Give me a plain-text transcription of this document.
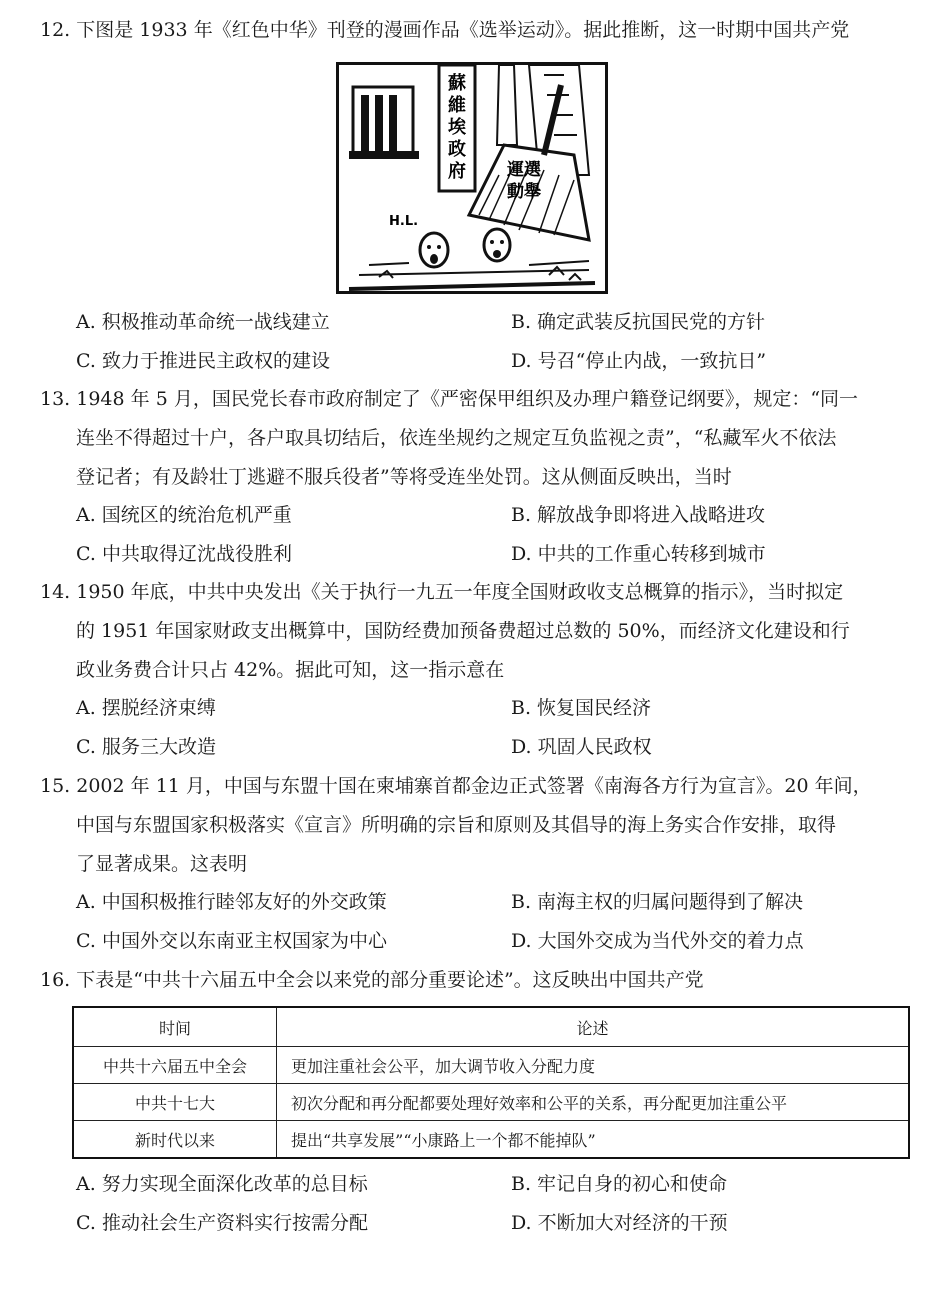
12. 下图是 1933 年《红色中华》刊登的漫画作品《选举运动》。据此推断，这一时期中国共产党
蘇
維
埃
政
府 運選
動舉
H.L.
A. 积极推动革命统一战线建立	B. 确定武装反抗国民党的方针
C. 致力于推进民主政权的建设	D. 号召“停止内战，一致抗日”
13. 1948 年 5 月，国民党长春市政府制定了《严密保甲组织及办理户籍登记纲要》，规定：“同一
连坐不得超过十户，各户取具切结后，依连坐规约之规定互负监视之责”，“私藏军火不依法
登记者；有及龄壮丁逃避不服兵役者”等将受连坐处罚。这从侧面反映出，当时
A. 国统区的统治危机严重	B. 解放战争即将进入战略进攻
C. 中共取得辽沈战役胜利	D. 中共的工作重心转移到城市
14. 1950 年底，中共中央发出《关于执行一九五一年度全国财政收支总概算的指示》，当时拟定
的 1951 年国家财政支出概算中，国防经费加预备费超过总数的 50%，而经济文化建设和行
政业务费合计只占 42%。据此可知，这一指示意在
A. 摆脱经济束缚	B. 恢复国民经济
C. 服务三大改造	D. 巩固人民政权
15. 2002 年 11 月，中国与东盟十国在柬埔寨首都金边正式签署《南海各方行为宣言》。20 年间，
中国与东盟国家积极落实《宣言》所明确的宗旨和原则及其倡导的海上务实合作安排，取得
了显著成果。这表明
A. 中国积极推行睦邻友好的外交政策	B. 南海主权的归属问题得到了解决
C. 中国外交以东南亚主权国家为中心	D. 大国外交成为当代外交的着力点
16. 下表是“中共十六届五中全会以来党的部分重要论述”。这反映出中国共产党
时间	论述
中共十六届五中全会	更加注重社会公平，加大调节收入分配力度
中共十七大	初次分配和再分配都要处理好效率和公平的关系，再分配更加注重公平
新时代以来	提出“共享发展”“小康路上一个都不能掉队”
A. 努力实现全面深化改革的总目标	B. 牢记自身的初心和使命
C. 推动社会生产资料实行按需分配	D. 不断加大对经济的干预
